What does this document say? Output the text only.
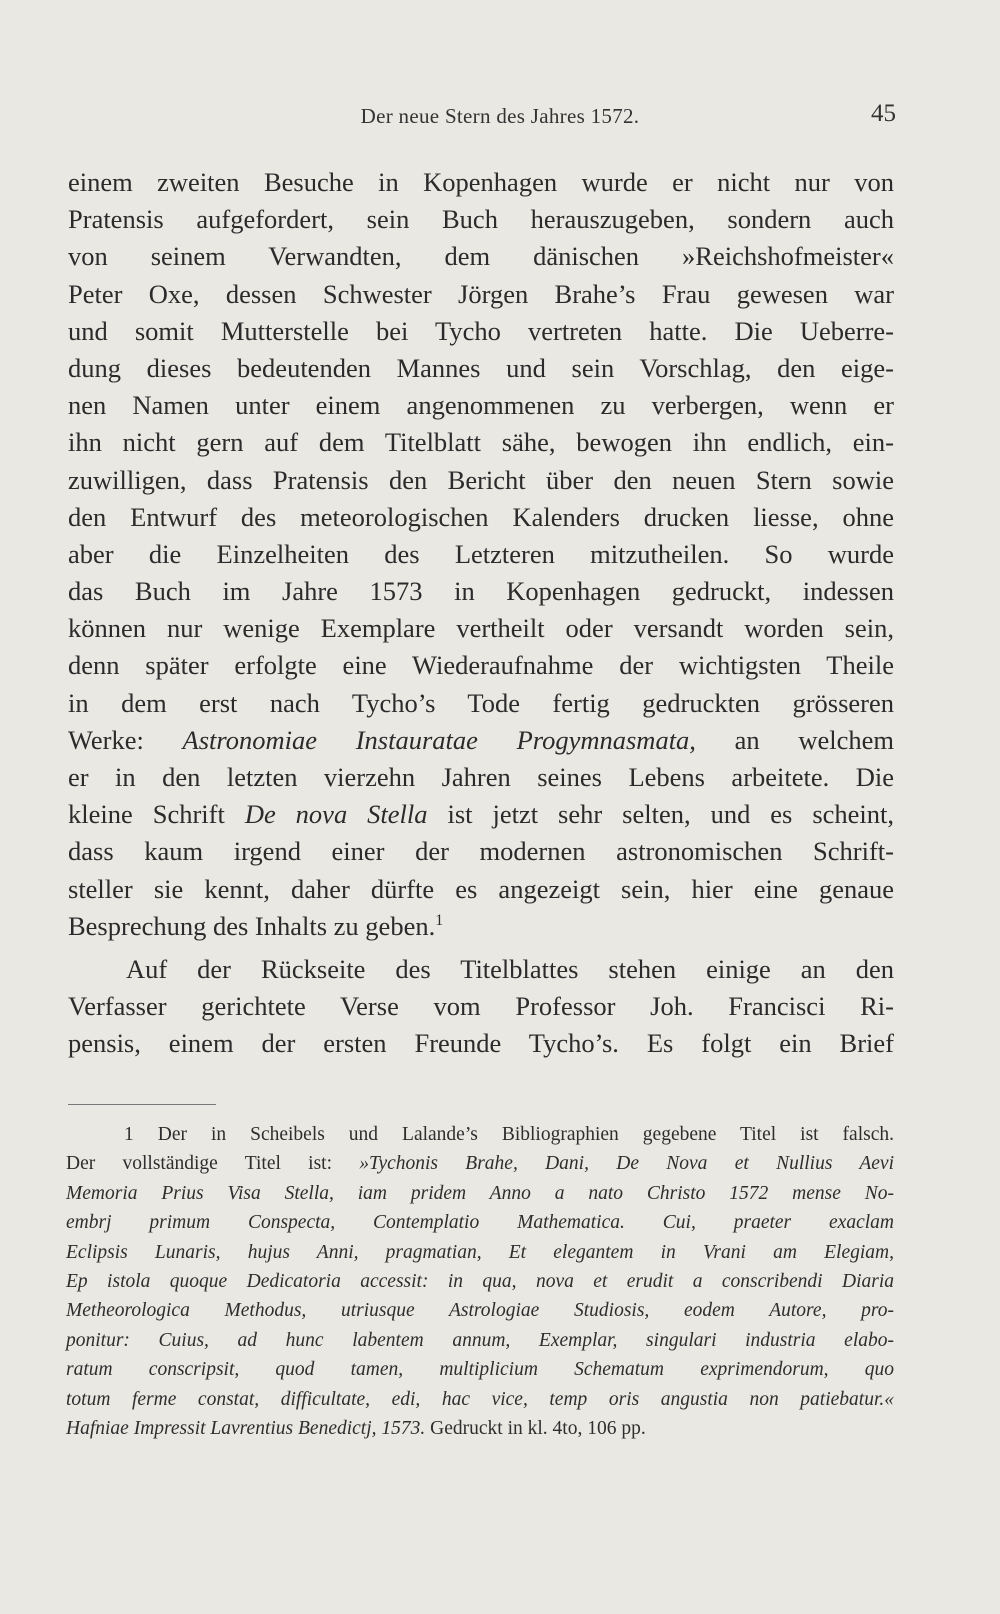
Der neue Stern des Jahres 1572.	45
einem zweiten Besuche in Kopenhagen wurde er nicht nur von
Pratensis aufgefordert, sein Buch herauszugeben, sondern auch
von seinem Verwandten, dem dänischen »Reichshofmeister«
Peter Oxe, dessen Schwester Jörgen Brahe’s Frau gewesen war
und somit Mutterstelle bei Tycho vertreten hatte. Die Ueberre-
dung dieses bedeutenden Mannes und sein Vorschlag, den eige-
nen Namen unter einem angenommenen zu verbergen, wenn er
ihn nicht gern auf dem Titelblatt sähe, bewogen ihn endlich, ein-
zuwilligen, dass Pratensis den Bericht über den neuen Stern sowie
den Entwurf des meteorologischen Kalenders drucken liesse, ohne
aber die Einzelheiten des Letzteren mitzutheilen. So wurde
das Buch im Jahre 1573 in Kopenhagen gedruckt, indessen
können nur wenige Exemplare vertheilt oder versandt worden sein,
denn später erfolgte eine Wiederaufnahme der wichtigsten Theile
in dem erst nach Tycho’s Tode fertig gedruckten grösseren
Werke: Astronomiae Instauratae Progymnasmata, an welchem
er in den letzten vierzehn Jahren seines Lebens arbeitete. Die
kleine Schrift De nova Stella ist jetzt sehr selten, und es scheint,
dass kaum irgend einer der modernen astronomischen Schrift-
steller sie kennt, daher dürfte es angezeigt sein, hier eine genaue
Besprechung des Inhalts zu geben.$^1$
Auf der Rückseite des Titelblattes stehen einige an den
Verfasser gerichtete Verse vom Professor Joh. Francisci Ri-
pensis, einem der ersten Freunde Tycho’s. Es folgt ein Brief
1 Der in Scheibels und Lalande’s Bibliographien gegebene Titel ist falsch.
Der vollständige Titel ist: »Tychonis Brahe, Dani, De Nova et Nullius Aevi
Memoria Prius Visa Stella, iam pridem Anno a nato Christo 1572 mense No-
embrj primum Conspecta, Contemplatio Mathematica. Cui, praeter exaclam
Eclipsis Lunaris, hujus Anni, pragmatian, Et elegantem in Vrani am Elegiam,
Ep istola quoque Dedicatoria accessit: in qua, nova et erudit a conscribendi Diaria
Metheorologica Methodus, utriusque Astrologiae Studiosis, eodem Autore, pro-
ponitur: Cuius, ad hunc labentem annum, Exemplar, singulari industria elabo-
ratum conscripsit, quod tamen, multiplicium Schematum exprimendorum, quo
totum ferme constat, difficultate, edi, hac vice, temp oris angustia non patiebatur.«
Hafniae Impressit Lavrentius Benedictj, 1573. Gedruckt in kl. 4to, 106 pp.
